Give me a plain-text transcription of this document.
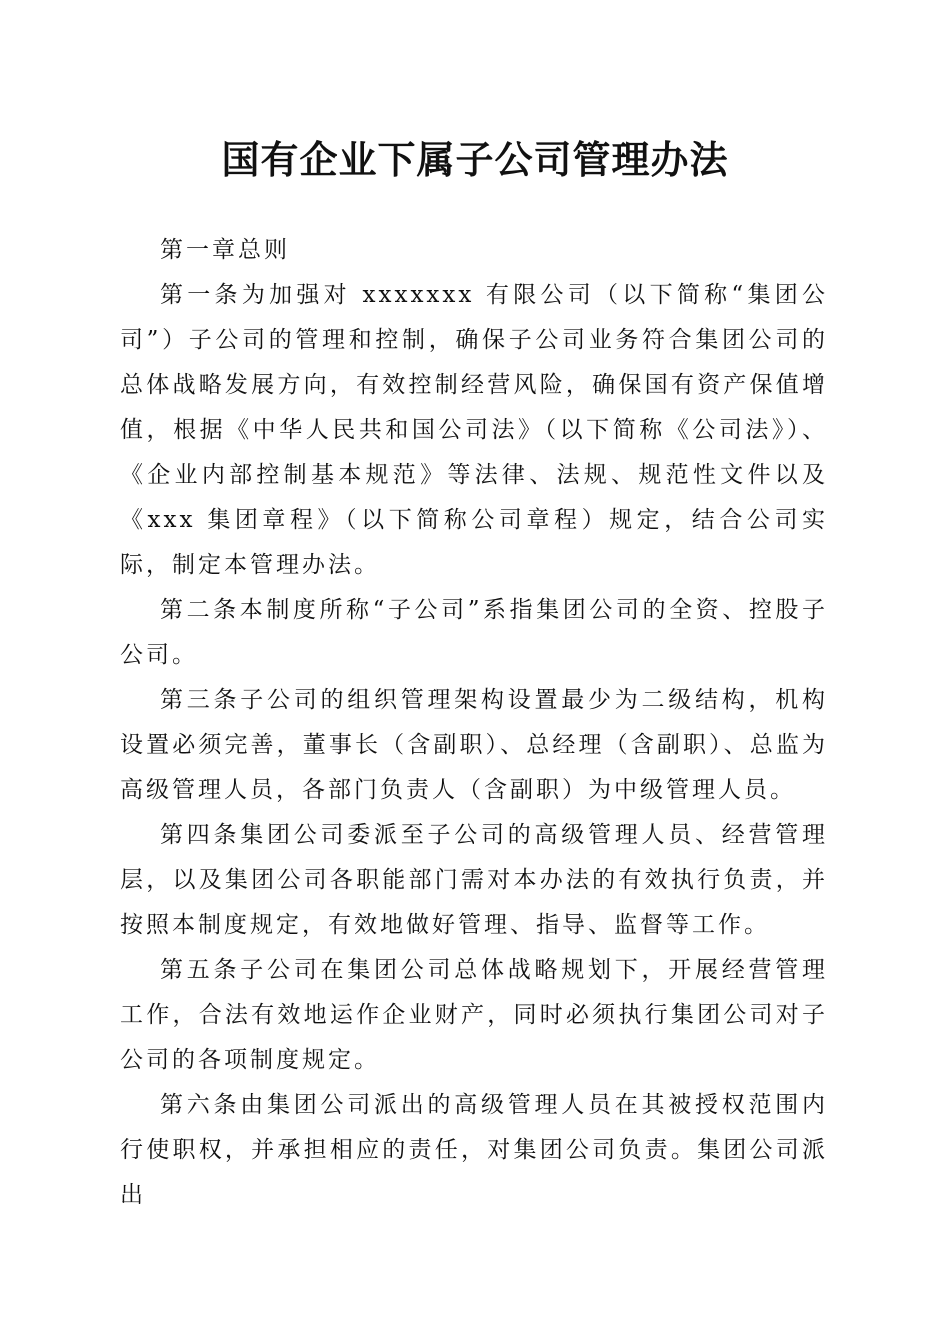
国有企业下属子公司管理办法

第一章总则

第一条为加强对 xxxxxxx 有限公司（以下简称“集团公司”）子公司的管理和控制，确保子公司业务符合集团公司的总体战略发展方向，有效控制经营风险，确保国有资产保值增值，根据《中华人民共和国公司法》（以下简称《公司法》）、《企业内部控制基本规范》等法律、法规、规范性文件以及《xxx 集团章程》（以下简称公司章程）规定，结合公司实际，制定本管理办法。

第二条本制度所称“子公司”系指集团公司的全资、控股子公司。

第三条子公司的组织管理架构设置最少为二级结构，机构设置必须完善，董事长（含副职）、总经理（含副职）、总监为高级管理人员，各部门负责人（含副职）为中级管理人员。

第四条集团公司委派至子公司的高级管理人员、经营管理层，以及集团公司各职能部门需对本办法的有效执行负责，并按照本制度规定，有效地做好管理、指导、监督等工作。

第五条子公司在集团公司总体战略规划下，开展经营管理工作，合法有效地运作企业财产，同时必须执行集团公司对子公司的各项制度规定。

第六条由集团公司派出的高级管理人员在其被授权范围内行使职权，并承担相应的责任，对集团公司负责。集团公司派出
